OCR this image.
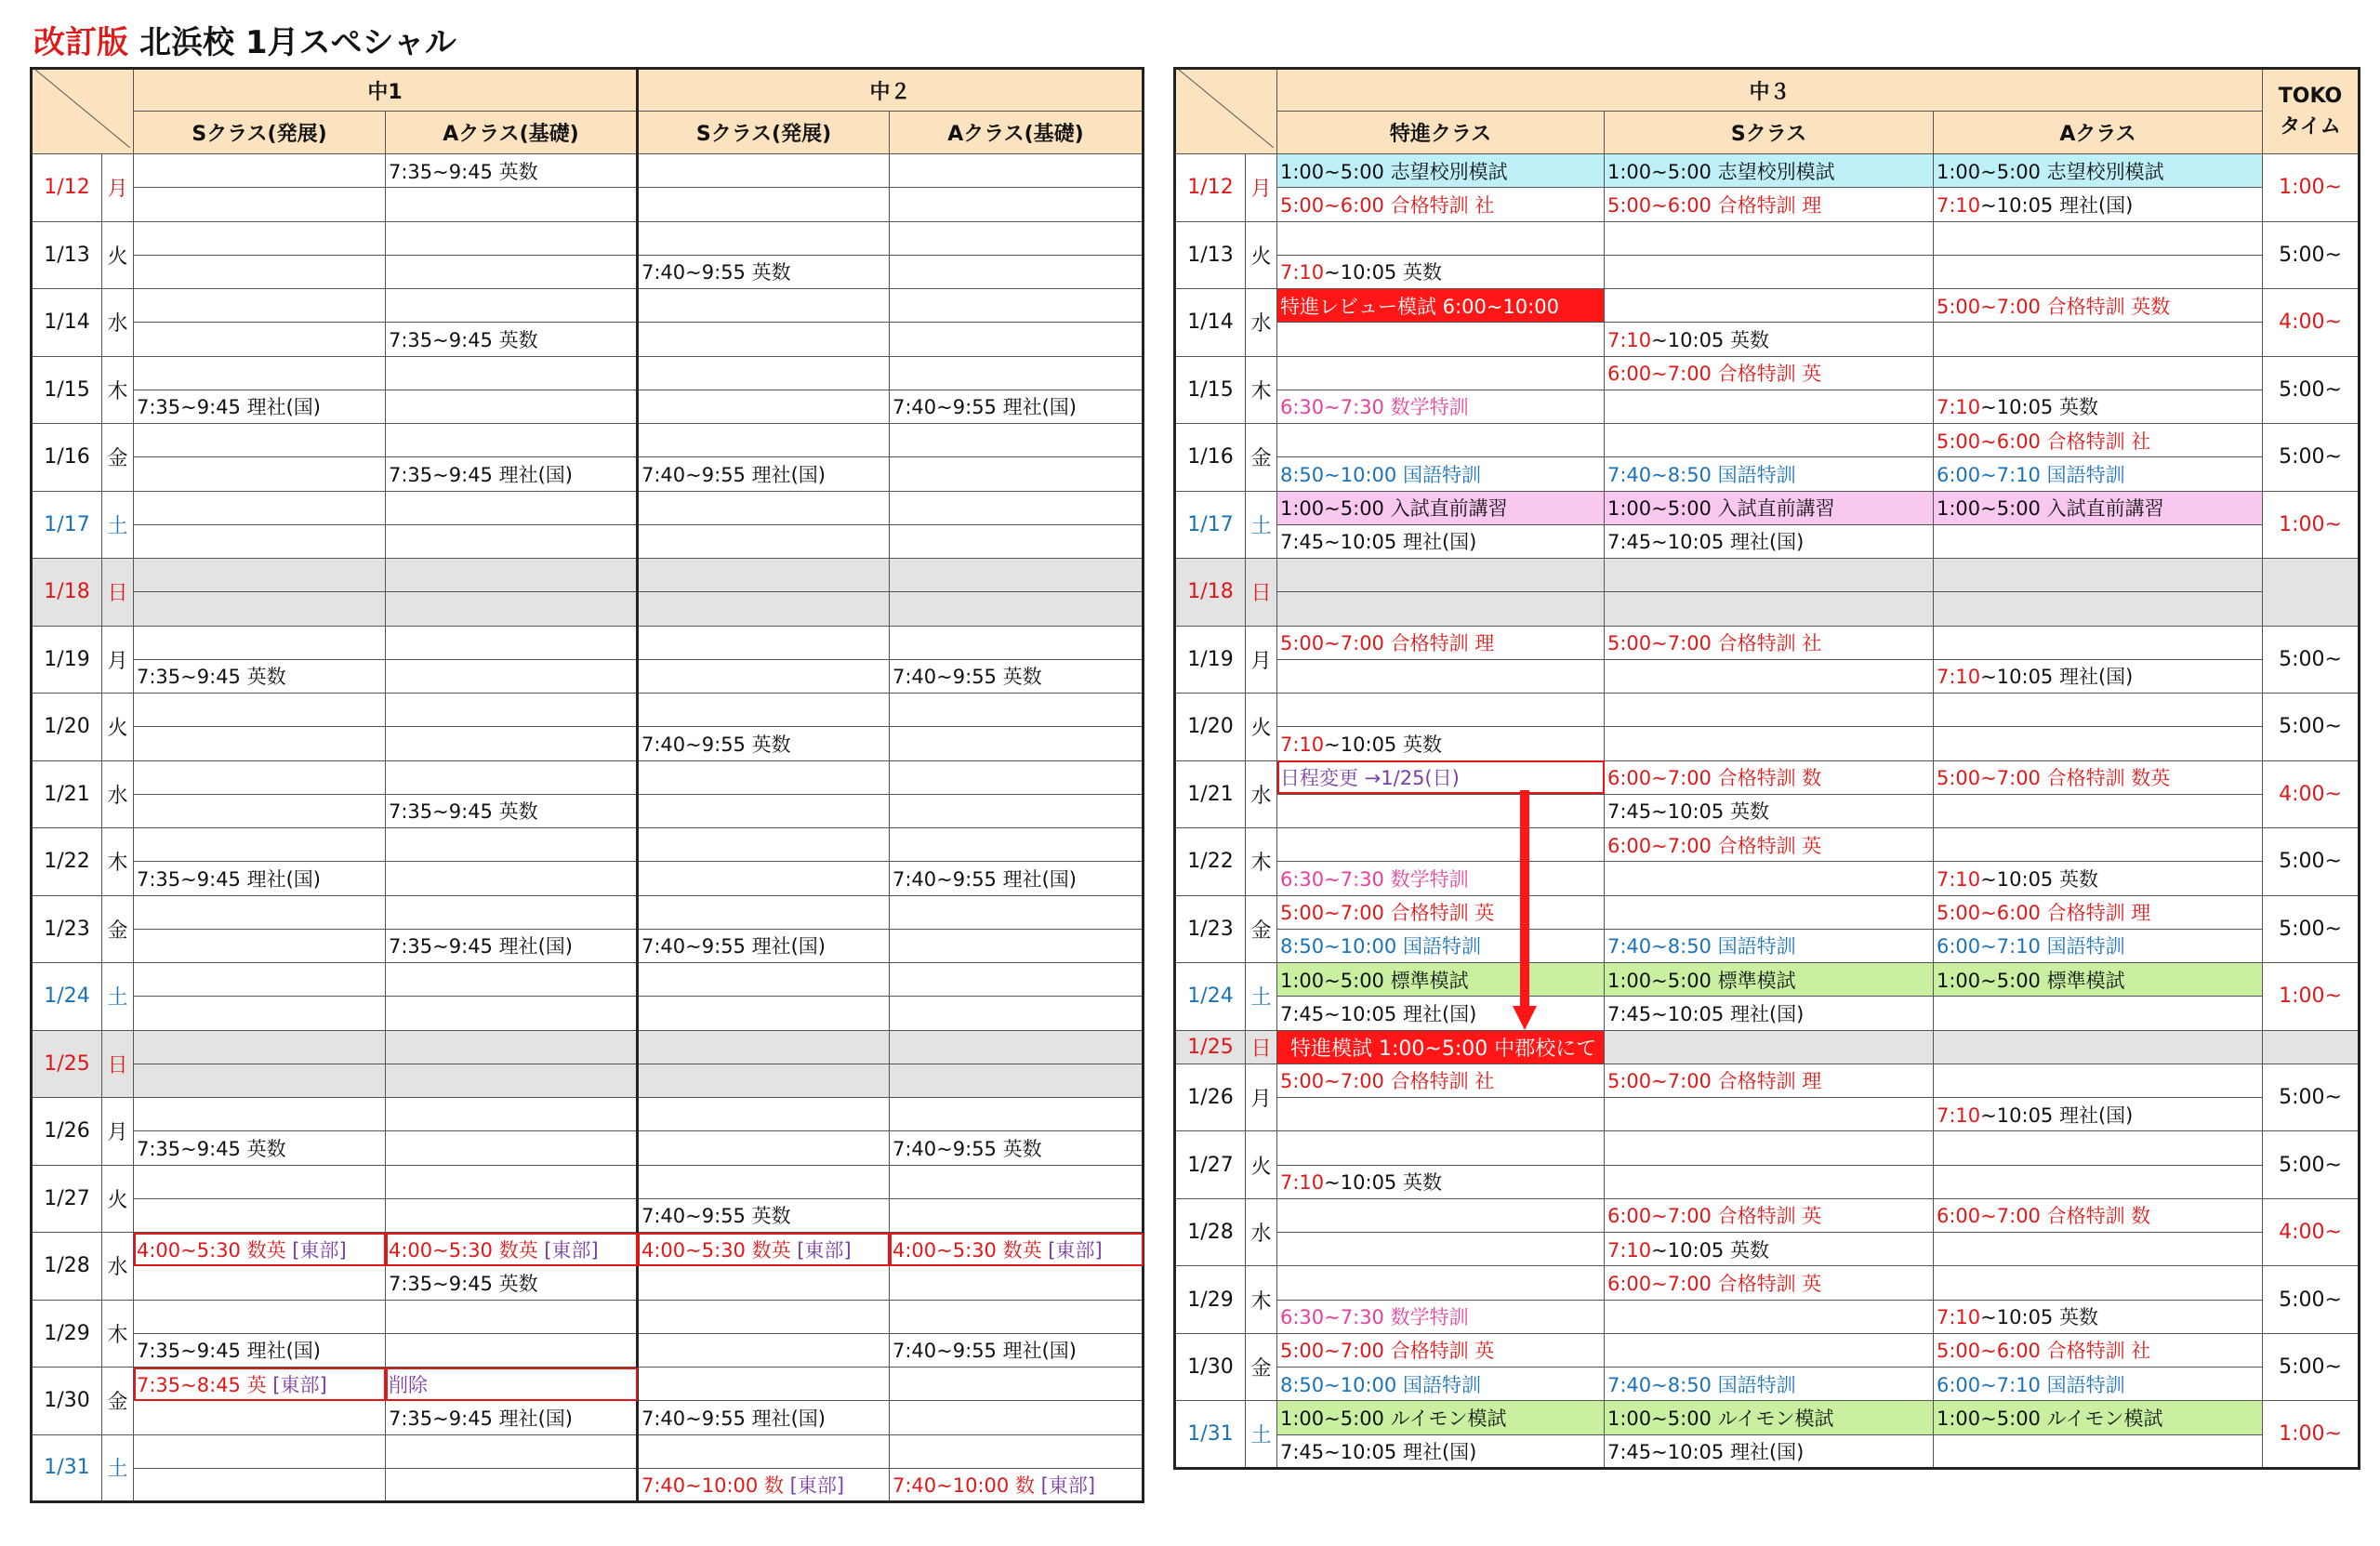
改訂版 北浜校 1月スペシャル
	中1		中２	
		Sクラス(発展)	Aクラス(基礎)	Sクラス(発展)	Aクラス(基礎)
1/12	月		7:35~9:45 英数		

1/13	火				
				7:40~9:55 英数	
1/14	水				
			7:35~9:45 英数		
1/15	木				
		7:35~9:45 理社(国)			7:40~9:55 理社(国)
1/16	金				
			7:35~9:45 理社(国)	7:40~9:55 理社(国)	
1/17	土				

1/18	日				

1/19	月				
		7:35~9:45 英数			7:40~9:55 英数
1/20	火				
				7:40~9:55 英数	
1/21	水				
			7:35~9:45 英数		
1/22	木				
		7:35~9:45 理社(国)			7:40~9:55 理社(国)
1/23	金				
			7:35~9:45 理社(国)	7:40~9:55 理社(国)	
1/24	土				

1/25	日				

1/26	月				
		7:35~9:45 英数			7:40~9:55 英数
1/27	火				
				7:40~9:55 英数	
1/28	水	4:00~5:30 数英 [東部]	4:00~5:30 数英 [東部]	4:00~5:30 数英 [東部]	4:00~5:30 数英 [東部]
			7:35~9:45 英数		
1/29	木				
		7:35~9:45 理社(国)			7:40~9:55 理社(国)
1/30	金	7:35~8:45 英 [東部]	削除		
			7:35~9:45 理社(国)	7:40~9:55 理社(国)	
1/31	土				
				7:40~10:00 数 [東部]	7:40~10:00 数 [東部]
	中３			TOKO
タイム
		特進クラス	Sクラス	Aクラス	
1/12	月	1:00~5:00 志望校別模試	1:00~5:00 志望校別模試	1:00~5:00 志望校別模試	1:00~
		5:00~6:00 合格特訓 社	5:00~6:00 合格特訓 理	7:10~10:05 理社(国)	
1/13	火				5:00~
		7:10~10:05 英数			
1/14	水	特進レビュー模試 6:00~10:00		5:00~7:00 合格特訓 英数	4:00~
			7:10~10:05 英数		
1/15	木		6:00~7:00 合格特訓 英		5:00~
		6:30~7:30 数学特訓		7:10~10:05 英数	
1/16	金			5:00~6:00 合格特訓 社	5:00~
		8:50~10:00 国語特訓	7:40~8:50 国語特訓	6:00~7:10 国語特訓	
1/17	土	1:00~5:00 入試直前講習	1:00~5:00 入試直前講習	1:00~5:00 入試直前講習	1:00~
		7:45~10:05 理社(国)	7:45~10:05 理社(国)		
1/18	日				

1/19	月	5:00~7:00 合格特訓 理	5:00~7:00 合格特訓 社		5:00~
				7:10~10:05 理社(国)	
1/20	火				5:00~
		7:10~10:05 英数			
1/21	水	日程変更 →1/25(日)	6:00~7:00 合格特訓 数	5:00~7:00 合格特訓 数英	4:00~
			7:45~10:05 英数		
1/22	木		6:00~7:00 合格特訓 英		5:00~
		6:30~7:30 数学特訓		7:10~10:05 英数	
1/23	金	5:00~7:00 合格特訓 英		5:00~6:00 合格特訓 理	5:00~
		8:50~10:00 国語特訓	7:40~8:50 国語特訓	6:00~7:10 国語特訓	
1/24	土	1:00~5:00 標準模試	1:00~5:00 標準模試	1:00~5:00 標準模試	1:00~
		7:45~10:05 理社(国)	7:45~10:05 理社(国)		
1/25	日	特進模試 1:00~5:00 中郡校にて			

1/26	月	5:00~7:00 合格特訓 社	5:00~7:00 合格特訓 理		5:00~
				7:10~10:05 理社(国)	
1/27	火				5:00~
		7:10~10:05 英数			
1/28	水		6:00~7:00 合格特訓 英	6:00~7:00 合格特訓 数	4:00~
			7:10~10:05 英数		
1/29	木		6:00~7:00 合格特訓 英		5:00~
		6:30~7:30 数学特訓		7:10~10:05 英数	
1/30	金	5:00~7:00 合格特訓 英		5:00~6:00 合格特訓 社	5:00~
		8:50~10:00 国語特訓	7:40~8:50 国語特訓	6:00~7:10 国語特訓	
1/31	土	1:00~5:00 ルイモン模試	1:00~5:00 ルイモン模試	1:00~5:00 ルイモン模試	1:00~
		7:45~10:05 理社(国)	7:45~10:05 理社(国)		
